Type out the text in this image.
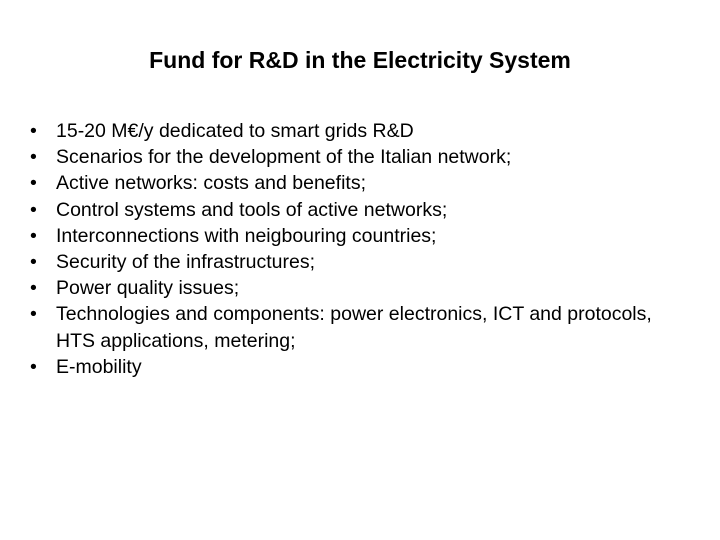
Fund for R&D in the Electricity System
• 15-20 M€/y dedicated to smart grids R&D
• Scenarios for the development of the Italian network;
• Active networks: costs and benefits;
• Control systems and tools of active networks;
• Interconnections with neigbouring countries;
• Security of the infrastructures;
• Power quality issues;
• Technologies and components: power electronics, ICT and protocols, HTS applications, metering;
• E-mobility
